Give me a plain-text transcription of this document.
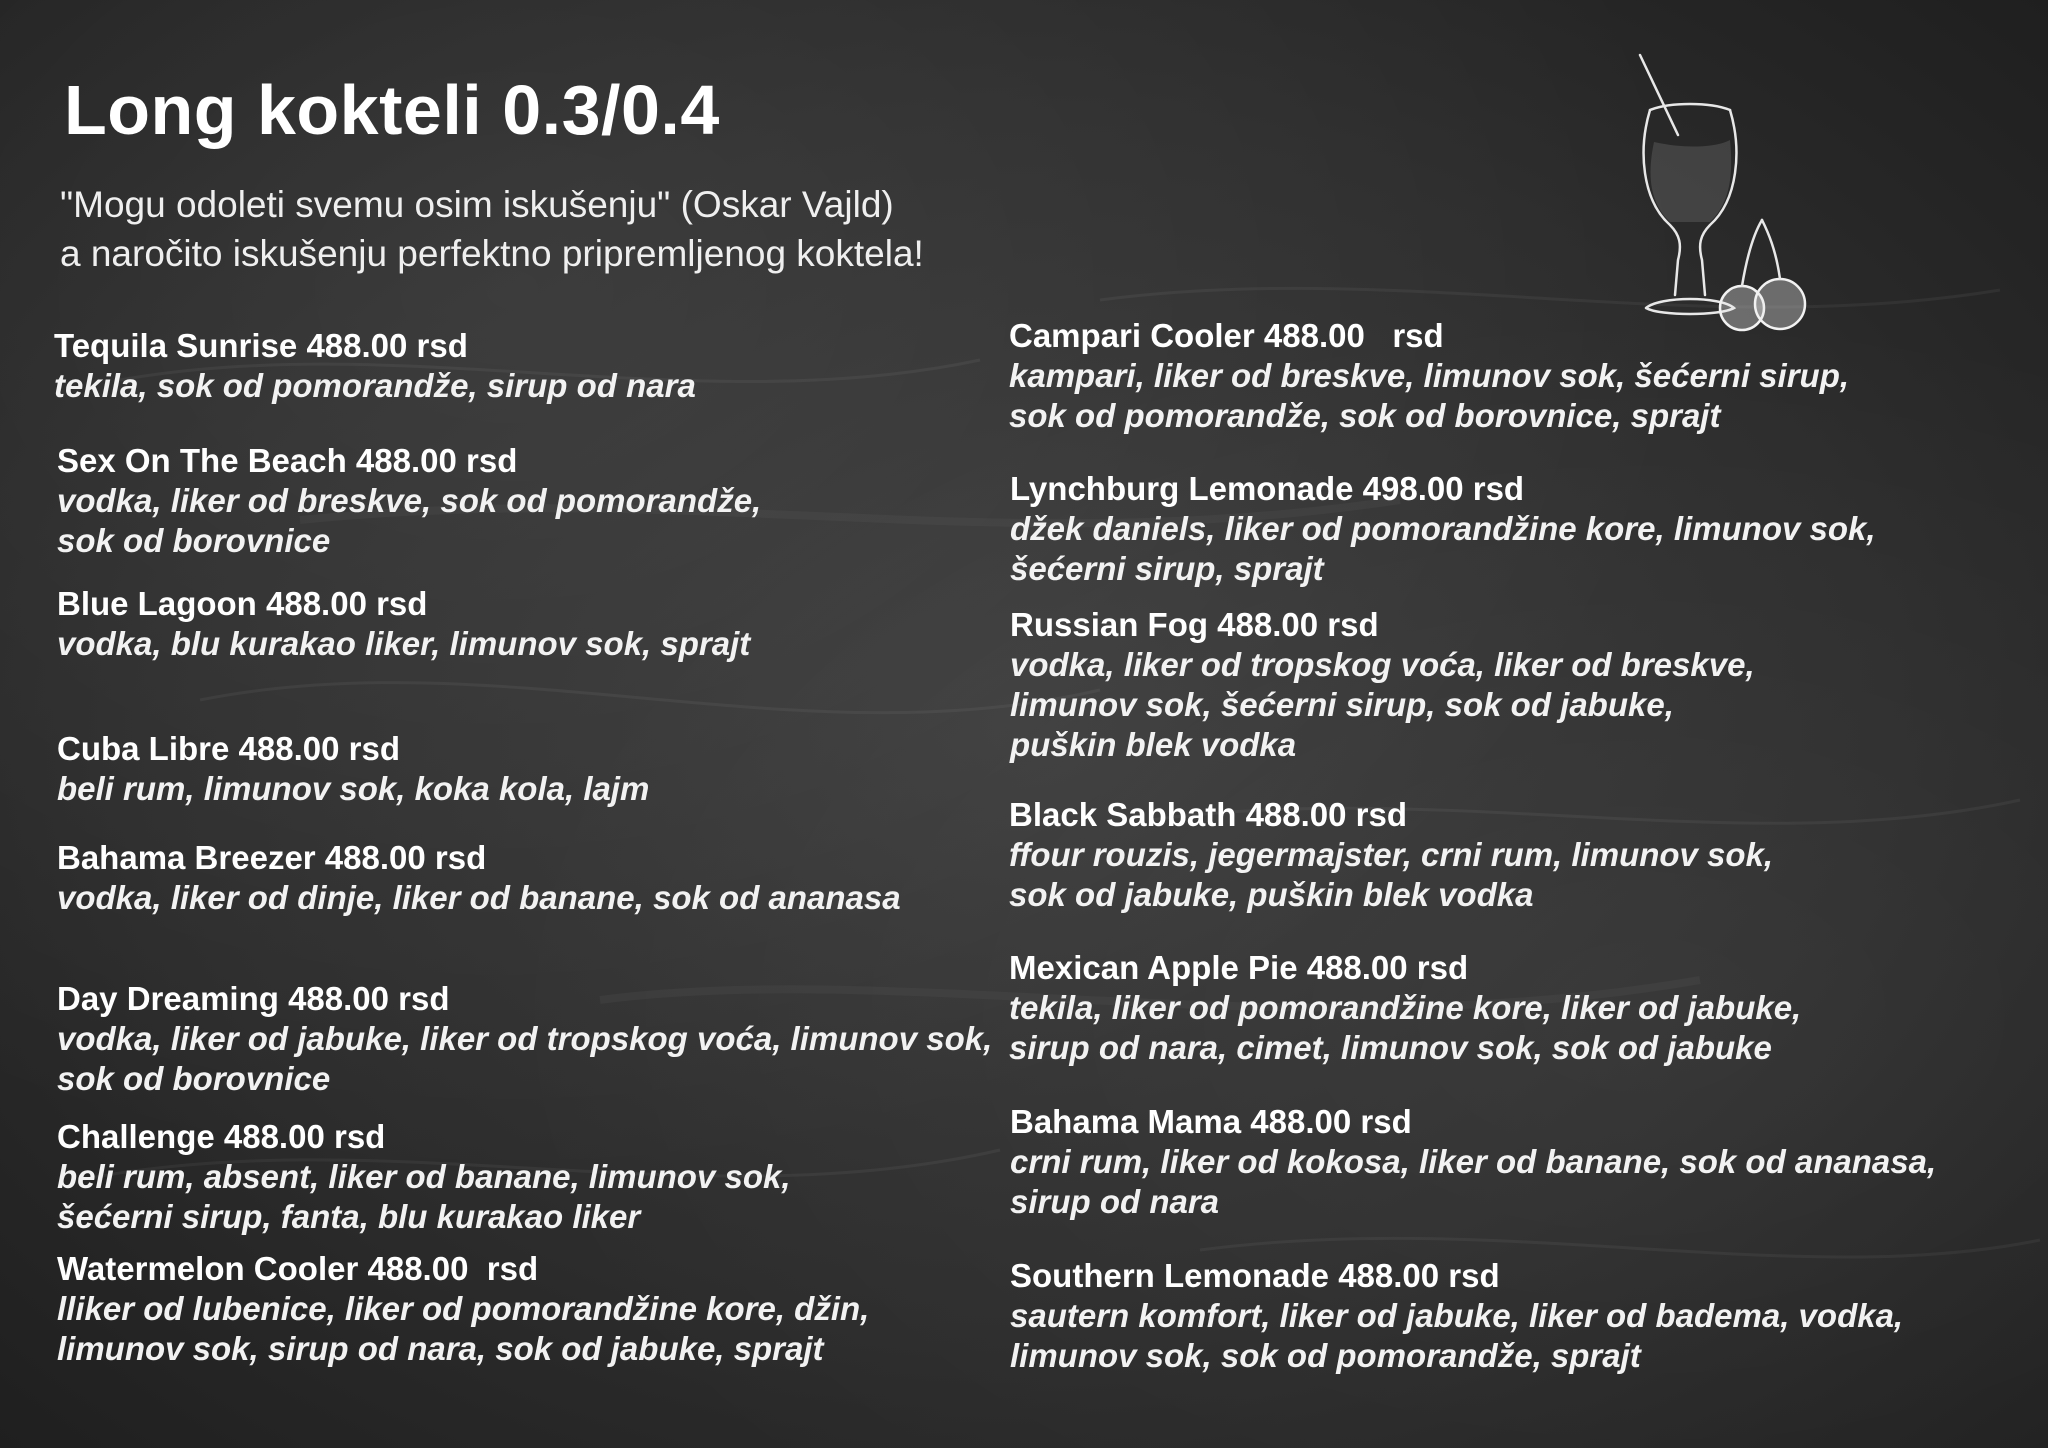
Long kokteli 0.3/0.4

"Mogu odoleti svemu osim iskušenju" (Oskar Vajld)

a naročito iskušenju perfektno pripremljenog koktela!

Tequila Sunrise 488.00 rsd
tekila, sok od pomorandže, sirup od nara
Sex On The Beach 488.00 rsd
vodka, liker od breskve, sok od pomorandže,
sok od borovnice
Blue Lagoon 488.00 rsd
vodka, blu kurakao liker, limunov sok, sprajt
Cuba Libre 488.00 rsd
beli rum, limunov sok, koka kola, lajm
Bahama Breezer 488.00 rsd
vodka, liker od dinje, liker od banane, sok od ananasa
Day Dreaming 488.00 rsd
vodka, liker od jabuke, liker od tropskog voća, limunov sok,
sok od borovnice
Challenge 488.00 rsd
beli rum, absent, liker od banane, limunov sok,
šećerni sirup, fanta, blu kurakao liker
Watermelon Cooler 488.00  rsd
lliker od lubenice, liker od pomorandžine kore, džin,
limunov sok, sirup od nara, sok od jabuke, sprajt
Campari Cooler 488.00   rsd
kampari, liker od breskve, limunov sok, šećerni sirup,
sok od pomorandže, sok od borovnice, sprajt
Lynchburg Lemonade 498.00 rsd
džek daniels, liker od pomorandžine kore, limunov sok,
šećerni sirup, sprajt
Russian Fog 488.00 rsd
vodka, liker od tropskog voća, liker od breskve,
limunov sok, šećerni sirup, sok od jabuke,
puškin blek vodka
Black Sabbath 488.00 rsd
ffour rouzis, jegermajster, crni rum, limunov sok,
sok od jabuke, puškin blek vodka
Mexican Apple Pie 488.00 rsd
tekila, liker od pomorandžine kore, liker od jabuke,
sirup od nara, cimet, limunov sok, sok od jabuke
Bahama Mama 488.00 rsd
crni rum, liker od kokosa, liker od banane, sok od ananasa,
sirup od nara
Southern Lemonade 488.00 rsd
sautern komfort, liker od jabuke, liker od badema, vodka,
limunov sok, sok od pomorandže, sprajt
